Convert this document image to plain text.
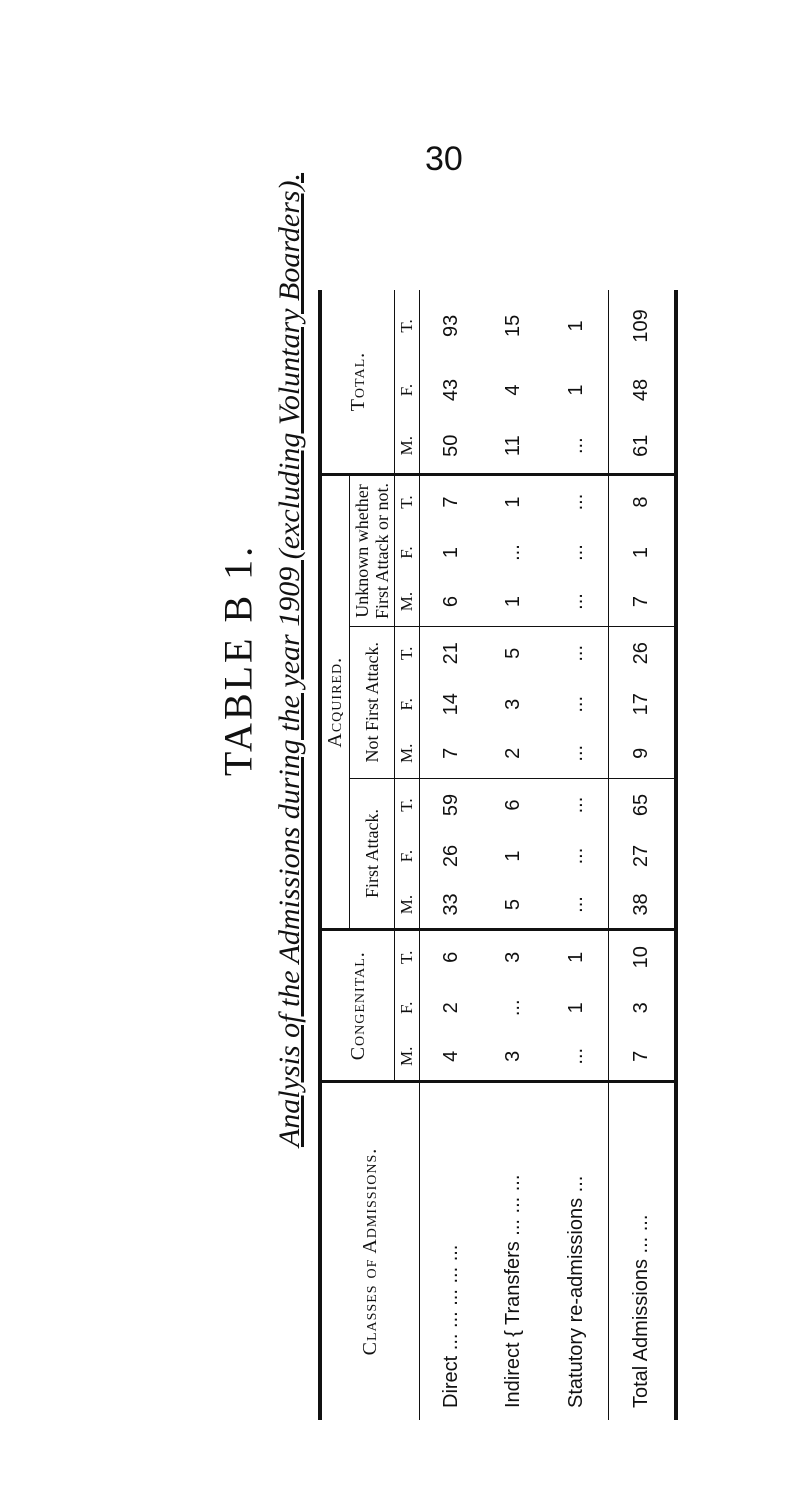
30
TABLE B 1. Analysis of the Admissions during the year 1909 (excluding Voluntary Boarders).
Classes of Admissions.	Congenital.			Acquired.									Total.		
				First Attack.			Not First Attack.			Unknown whether First Attack or not.					
	M.	F.	T.	M.	F.	T.	M.	F.	T.	M.	F.	T.	M.	F.	T.
Direct ... ... ... ... ...	4	2	6	33	26	59	7	14	21	6	1	7	50	43	93
Indirect { Transfers ... ... ...	3	...	3	5	1	6	2	3	5	1	...	1	11	4	15
Statutory re-admissions ...	...	1	1	...	...	...	...	...	...	...	...	...	...	1	1
Total Admissions ... ...	7	3	10	38	27	65	9	17	26	7	1	8	61	48	109
